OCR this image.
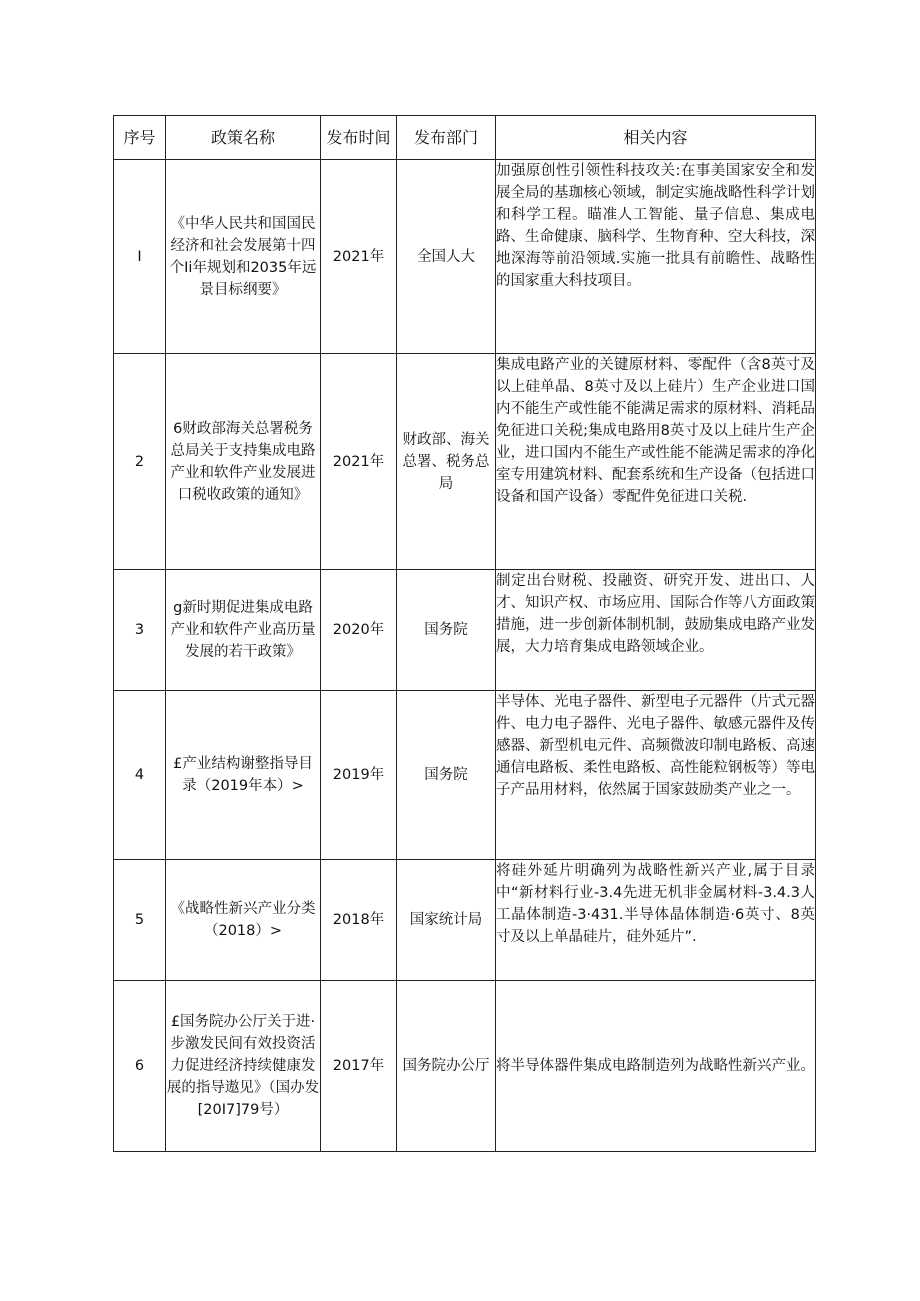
序号	政策名称	发布时间	发布部门	相关内容
I	《中华人民共和国国民经济和社会发展第十四个Ii年规划和2035年远景目标纲要》	2021年	全国人大	加强原创性引领性科技攻关:在事美国家安全和发展全局的基珈核心领域，制定实施战略性科学计划和科学工程。瞄准人工智能、量子信息、集成电路、生命健康、脑科学、生物育种、空大科技，深地深海等前沿领域.实施一批具有前瞻性、战略性的国家重大科技项目。
2	6财政部海关总署税务总局关于支持集成电路产业和软件产业发展进口税收政策的通知》	2021年	财政部、海关总署、税务总局	集成电路产业的关键原材料、零配件（含8英寸及以上硅单晶、8英寸及以上硅片）生产企业进口国内不能生产或性能不能满足需求的原材料、消耗品免征进口关税;集成电路用8英寸及以上硅片生产企业，进口国内不能生产或性能不能满足需求的净化室专用建筑材料、配套系统和生产设备（包括进口设备和国产设备）零配件免征进口关税.
3	g新时期促进集成电路产业和软件产业高历量发展的若干政策》	2020年	国务院	制定出台财税、投融资、研究开发、进出口、人才、知识产权、市场应用、国际合作等八方面政策措施，进一步创新体制机制，鼓励集成电路产业发展，大力培育集成电路领域企业。
4	£产业结构谢整指导目录（2019年本）>	2019年	国务院	半导体、光电子器件、新型电子元器件（片式元器件、电力电子器件、光电子器件、敏感元器件及传感器、新型机电元件、高频微波印制电路板、高速通信电路板、柔性电路板、高性能粒钢板等）等电子产品用材料，依然属于国家鼓励类产业之一。
5	《战略性新兴产业分类（2018）>	2018年	国家统计局	将硅外延片明确列为战略性新兴产业,属于目录中“新材料行业-3.4先进无机非金属材料-3.4.3人工晶体制造-3·431.半导体晶体制造·6英寸、8英寸及以上单晶硅片，硅外延片”.
6	£国务院办公厅关于进·步激发民间有效投资活力促进经济持续健康发展的指导遨见》（国办发[20I7]79号）	2017年	国务院办公厅	将半导体器件集成电路制造列为战略性新兴产业。
